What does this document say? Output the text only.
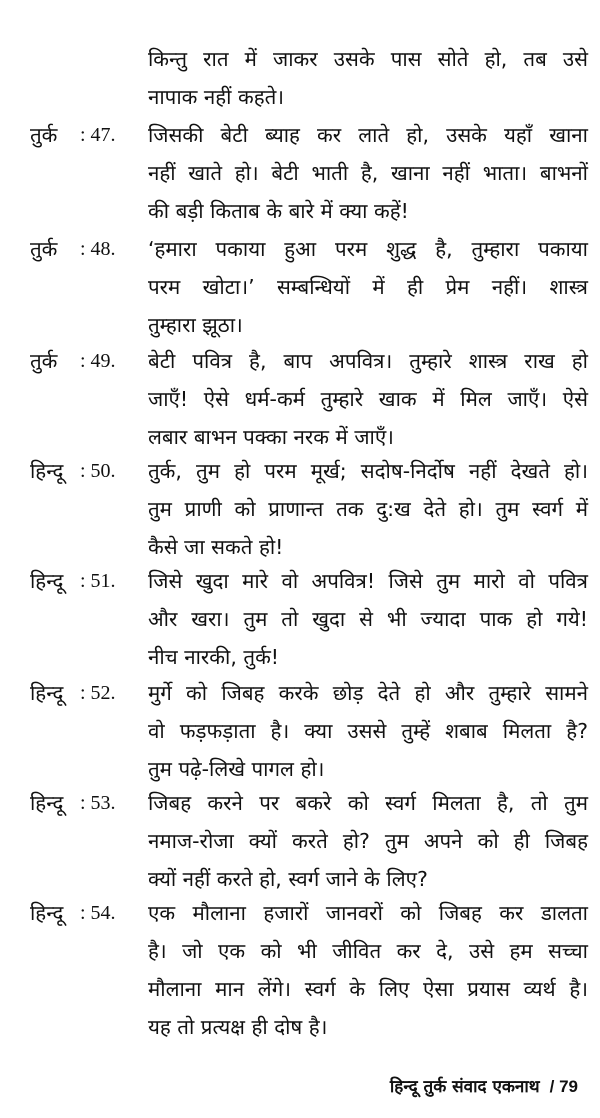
किन्तु रात में जाकर उसके पास सोते हो, तब उसे
नापाक नहीं कहते।
तुर्क : 47. जिसकी बेटी ब्याह कर लाते हो, उसके यहाँ खाना
नहीं खाते हो। बेटी भाती है, खाना नहीं भाता। बाभनों
की बड़ी किताब के बारे में क्या कहें!
तुर्क : 48. ‘हमारा पकाया हुआ परम शुद्ध है, तुम्हारा पकाया
परम खोटा।’ सम्बन्धियों में ही प्रेम नहीं। शास्त्र
तुम्हारा झूठा।
तुर्क : 49. बेटी पवित्र है, बाप अपवित्र। तुम्हारे शास्त्र राख हो
जाएँ! ऐसे धर्म-कर्म तुम्हारे खाक में मिल जाएँ। ऐसे
लबार बाभन पक्का नरक में जाएँ।
हिन्दू : 50. तुर्क, तुम हो परम मूर्ख; सदोष-निर्दोष नहीं देखते हो।
तुम प्राणी को प्राणान्त तक दु:ख देते हो। तुम स्वर्ग में
कैसे जा सकते हो!
हिन्दू : 51. जिसे खुदा मारे वो अपवित्र! जिसे तुम मारो वो पवित्र
और खरा। तुम तो खुदा से भी ज्यादा पाक हो गये!
नीच नारकी, तुर्क!
हिन्दू : 52. मुर्गे को जिबह करके छोड़ देते हो और तुम्हारे सामने
वो फड़फड़ाता है। क्या उससे तुम्हें शबाब मिलता है?
तुम पढ़े-लिखे पागल हो।
हिन्दू : 53. जिबह करने पर बकरे को स्वर्ग मिलता है, तो तुम
नमाज-रोजा क्यों करते हो? तुम अपने को ही जिबह
क्यों नहीं करते हो, स्वर्ग जाने के लिए?
हिन्दू : 54. एक मौलाना हजारों जानवरों को जिबह कर डालता
है। जो एक को भी जीवित कर दे, उसे हम सच्चा
मौलाना मान लेंगे। स्वर्ग के लिए ऐसा प्रयास व्यर्थ है।
यह तो प्रत्यक्ष ही दोष है।
हिन्दू तुर्क संवाद एकनाथ / 79
